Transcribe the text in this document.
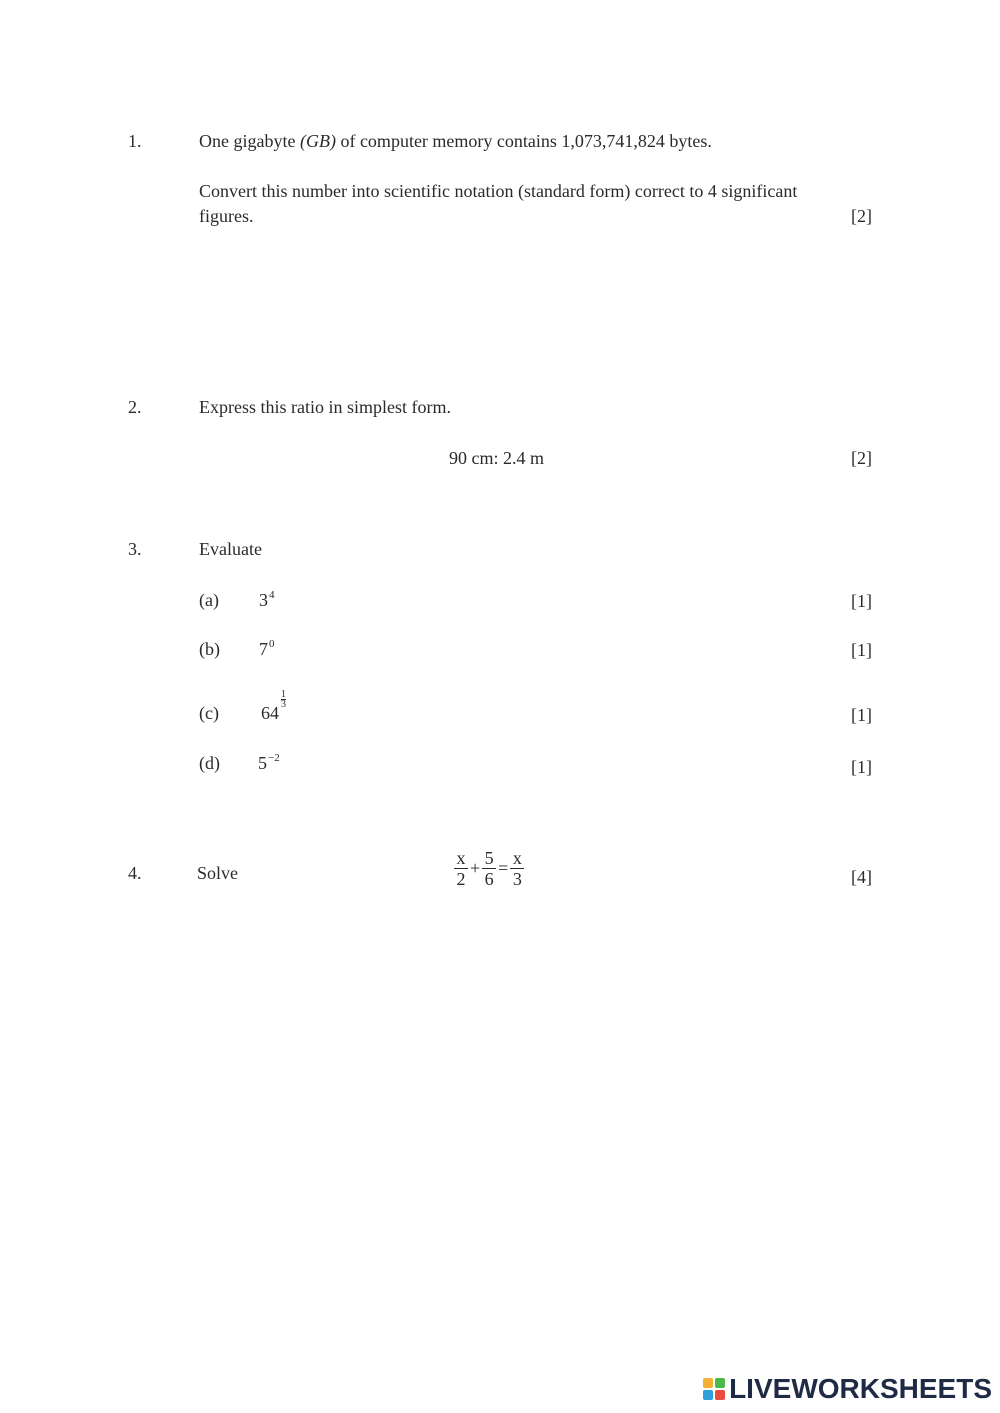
1.	One gigabyte (GB) of computer memory contains 1,073,741,824 bytes.
Convert this number into scientific notation (standard form) correct to 4 significant
figures.	[2]
2.	Express this ratio in simplest form.
90 cm: 2.4 m	[2]
3.	Evaluate
(a) $3^4$	[1]
(b) $7^0$	[1]
(c) 64
$\frac{1}{3}$
[1]
(d) $5^{-2}$	[1]
4.	Solve
x
2
+ 5
6
= x
3	[4]
LIVEWORKSHEETS
